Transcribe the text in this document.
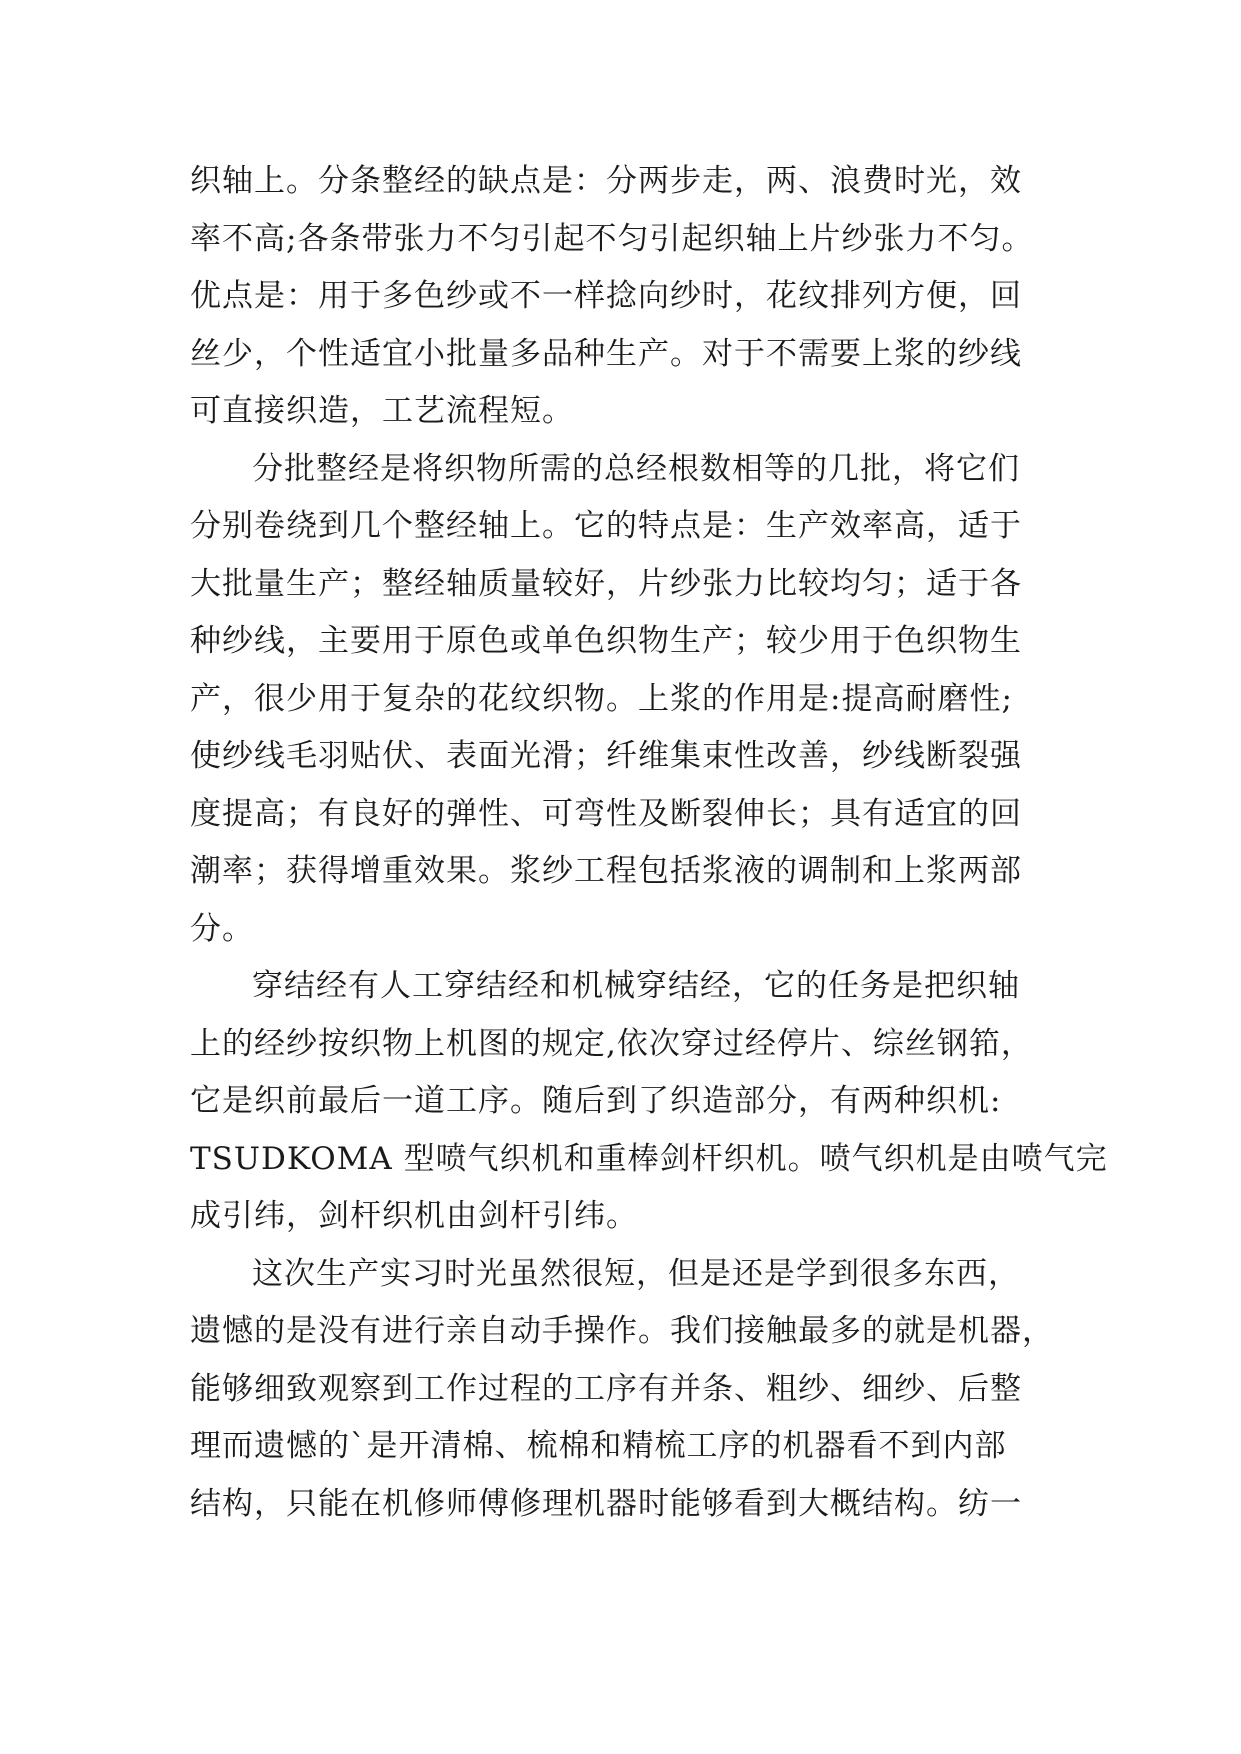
织轴上。分条整经的缺点是：分两步走，两、浪费时光，效
率不高;各条带张力不匀引起不匀引起织轴上片纱张力不匀。
优点是：用于多色纱或不一样捻向纱时，花纹排列方便，回
丝少，个性适宜小批量多品种生产。对于不需要上浆的纱线
可直接织造，工艺流程短。
分批整经是将织物所需的总经根数相等的几批，将它们
分别卷绕到几个整经轴上。它的特点是：生产效率高，适于
大批量生产；整经轴质量较好，片纱张力比较均匀；适于各
种纱线，主要用于原色或单色织物生产；较少用于色织物生
产，很少用于复杂的花纹织物。上浆的作用是:提高耐磨性;
使纱线毛羽贴伏、表面光滑；纤维集束性改善，纱线断裂强
度提高；有良好的弹性、可弯性及断裂伸长；具有适宜的回
潮率；获得增重效果。浆纱工程包括浆液的调制和上浆两部
分。
穿结经有人工穿结经和机械穿结经，它的任务是把织轴
上的经纱按织物上机图的规定,依次穿过经停片、综丝钢筘，
它是织前最后一道工序。随后到了织造部分，有两种织机:
TSUDKOMA 型喷气织机和重棒剑杆织机。喷气织机是由喷气完
成引纬，剑杆织机由剑杆引纬。
这次生产实习时光虽然很短，但是还是学到很多东西，
遗憾的是没有进行亲自动手操作。我们接触最多的就是机器，
能够细致观察到工作过程的工序有并条、粗纱、细纱、后整
理而遗憾的`是开清棉、梳棉和精梳工序的机器看不到内部
结构，只能在机修师傅修理机器时能够看到大概结构。纺一
